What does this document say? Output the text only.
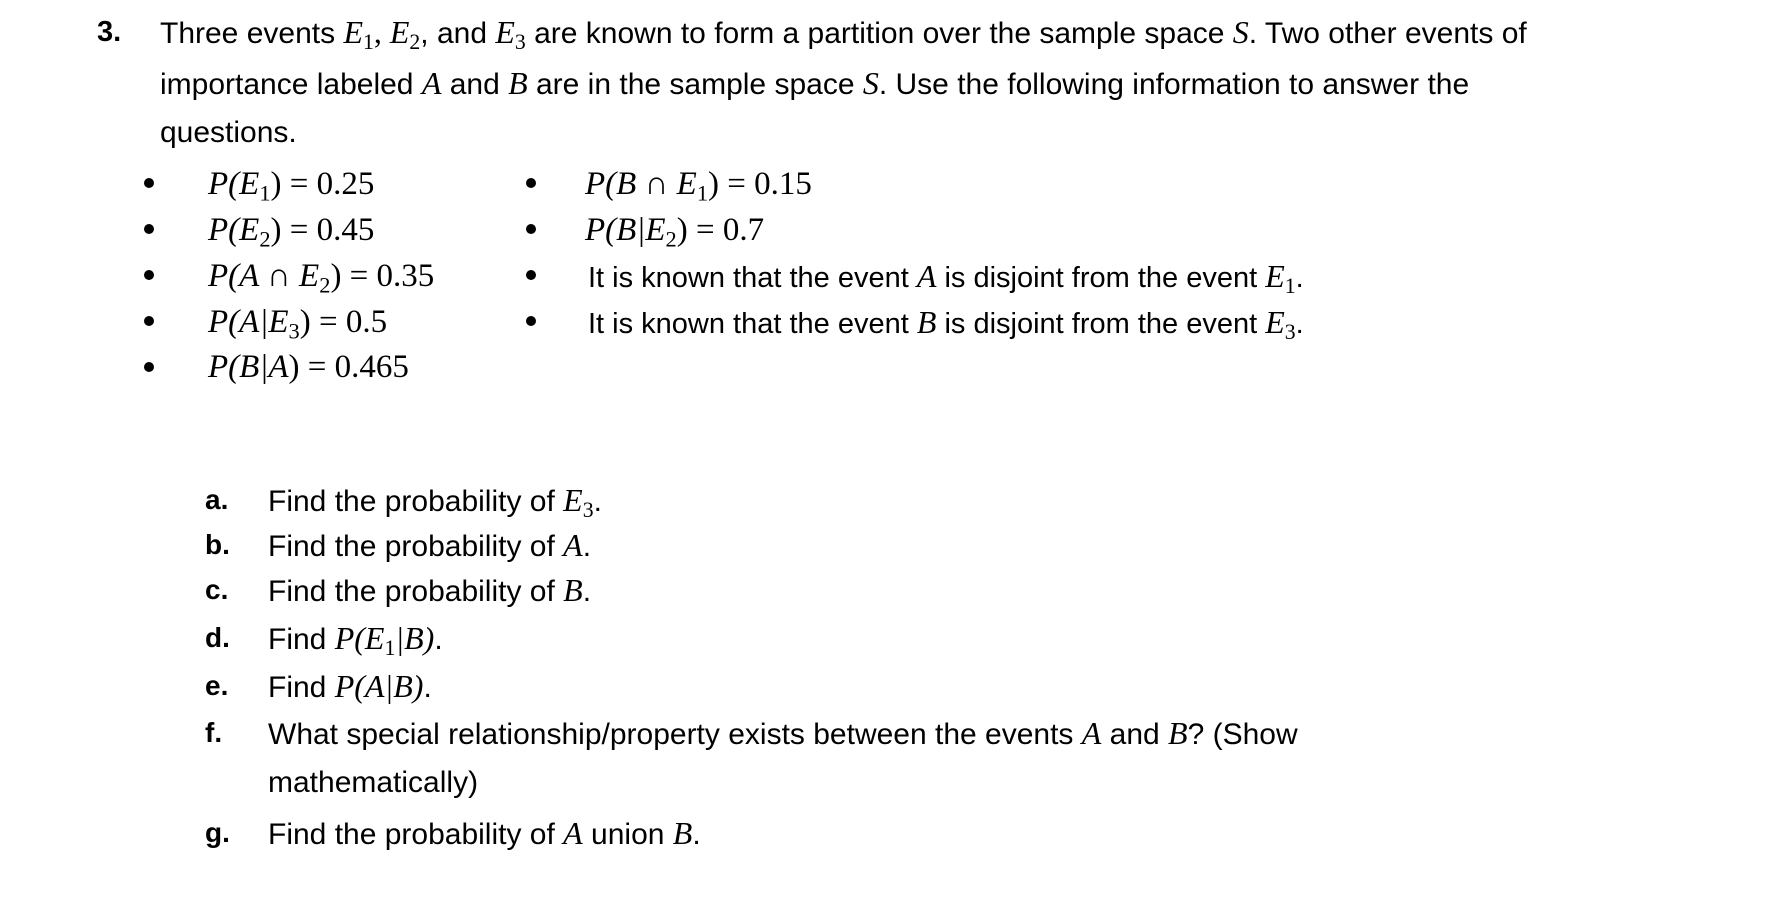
3. Three events $E_1$, $E_2$, and $E_3$ are known to form a partition over the sample space S. Two other events of importance labeled A and B are in the sample space S. Use the following information to answer the questions.
$P(E_1) = 0.25$
$P(E_2) = 0.45$
P(A ∩ $E_2) = 0.35$
$P(A|E_3) = 0.5$
P(B|A) = 0.465
P(B ∩ $E_1) = 0.15$
$P(B|E_2) = 0.7$
It is known that the event A is disjoint from the event $E_1$.
It is known that the event B is disjoint from the event $E_3$.
a. Find the probability of $E_3$.
b. Find the probability of A.
c. Find the probability of B.
d. Find $P(E_1|B)$.
e. Find P(A|B).
f. What special relationship/property exists between the events A and B? (Show mathematically)
g. Find the probability of A union B.
